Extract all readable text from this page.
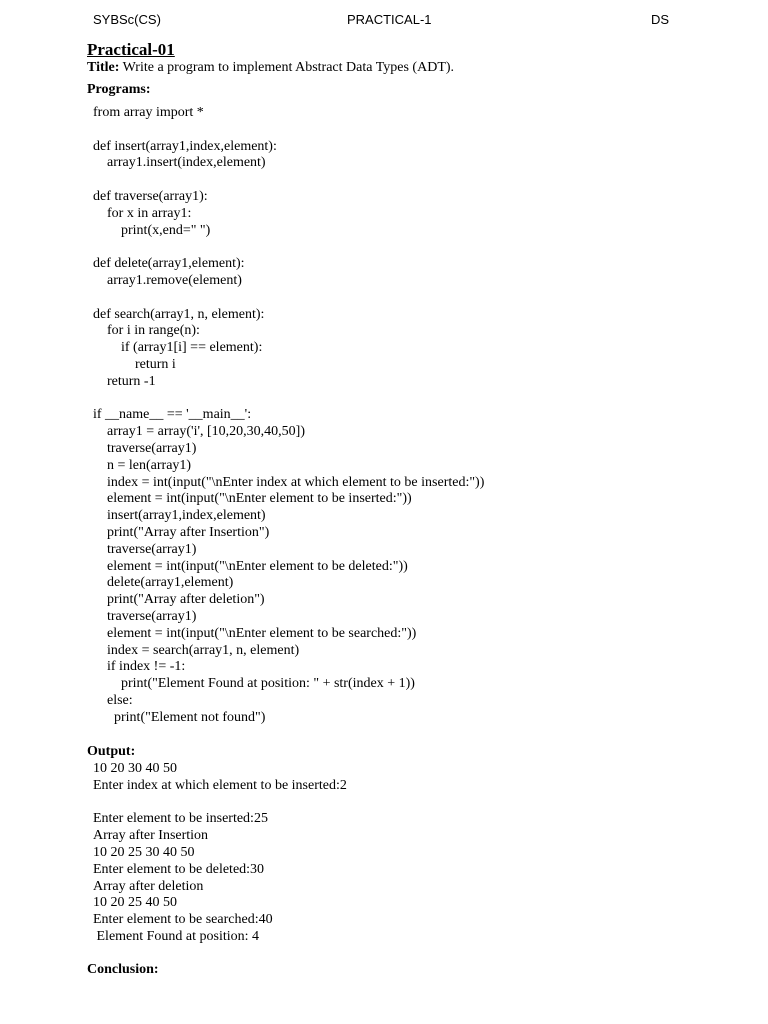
SYBSc(CS)	PRACTICAL-1	DS
Practical-01
Title: Write a program to implement Abstract Data Types (ADT).
Programs:
from array import *
def insert(array1,index,element):
array1.insert(index,element)
def traverse(array1):
for x in array1:
print(x,end=" ")
def delete(array1,element):
array1.remove(element)
def search(array1, n, element):
for i in range(n):
if (array1[i] == element):
return i
return -1
if __name__ == '__main__':
array1 = array('i', [10,20,30,40,50])
traverse(array1)
n = len(array1)
index = int(input("\nEnter index at which element to be inserted:"))
element = int(input("\nEnter element to be inserted:"))
insert(array1,index,element)
print("Array after Insertion")
traverse(array1)
element = int(input("\nEnter element to be deleted:"))
delete(array1,element)
print("Array after deletion")
traverse(array1)
element = int(input("\nEnter element to be searched:"))
index = search(array1, n, element)
if index != -1:
print("Element Found at position: " + str(index + 1))
else:
print("Element not found")
Output:
10 20 30 40 50
Enter index at which element to be inserted:2
Enter element to be inserted:25
Array after Insertion
10 20 25 30 40 50
Enter element to be deleted:30
Array after deletion
10 20 25 40 50
Enter element to be searched:40
Element Found at position: 4
Conclusion:
